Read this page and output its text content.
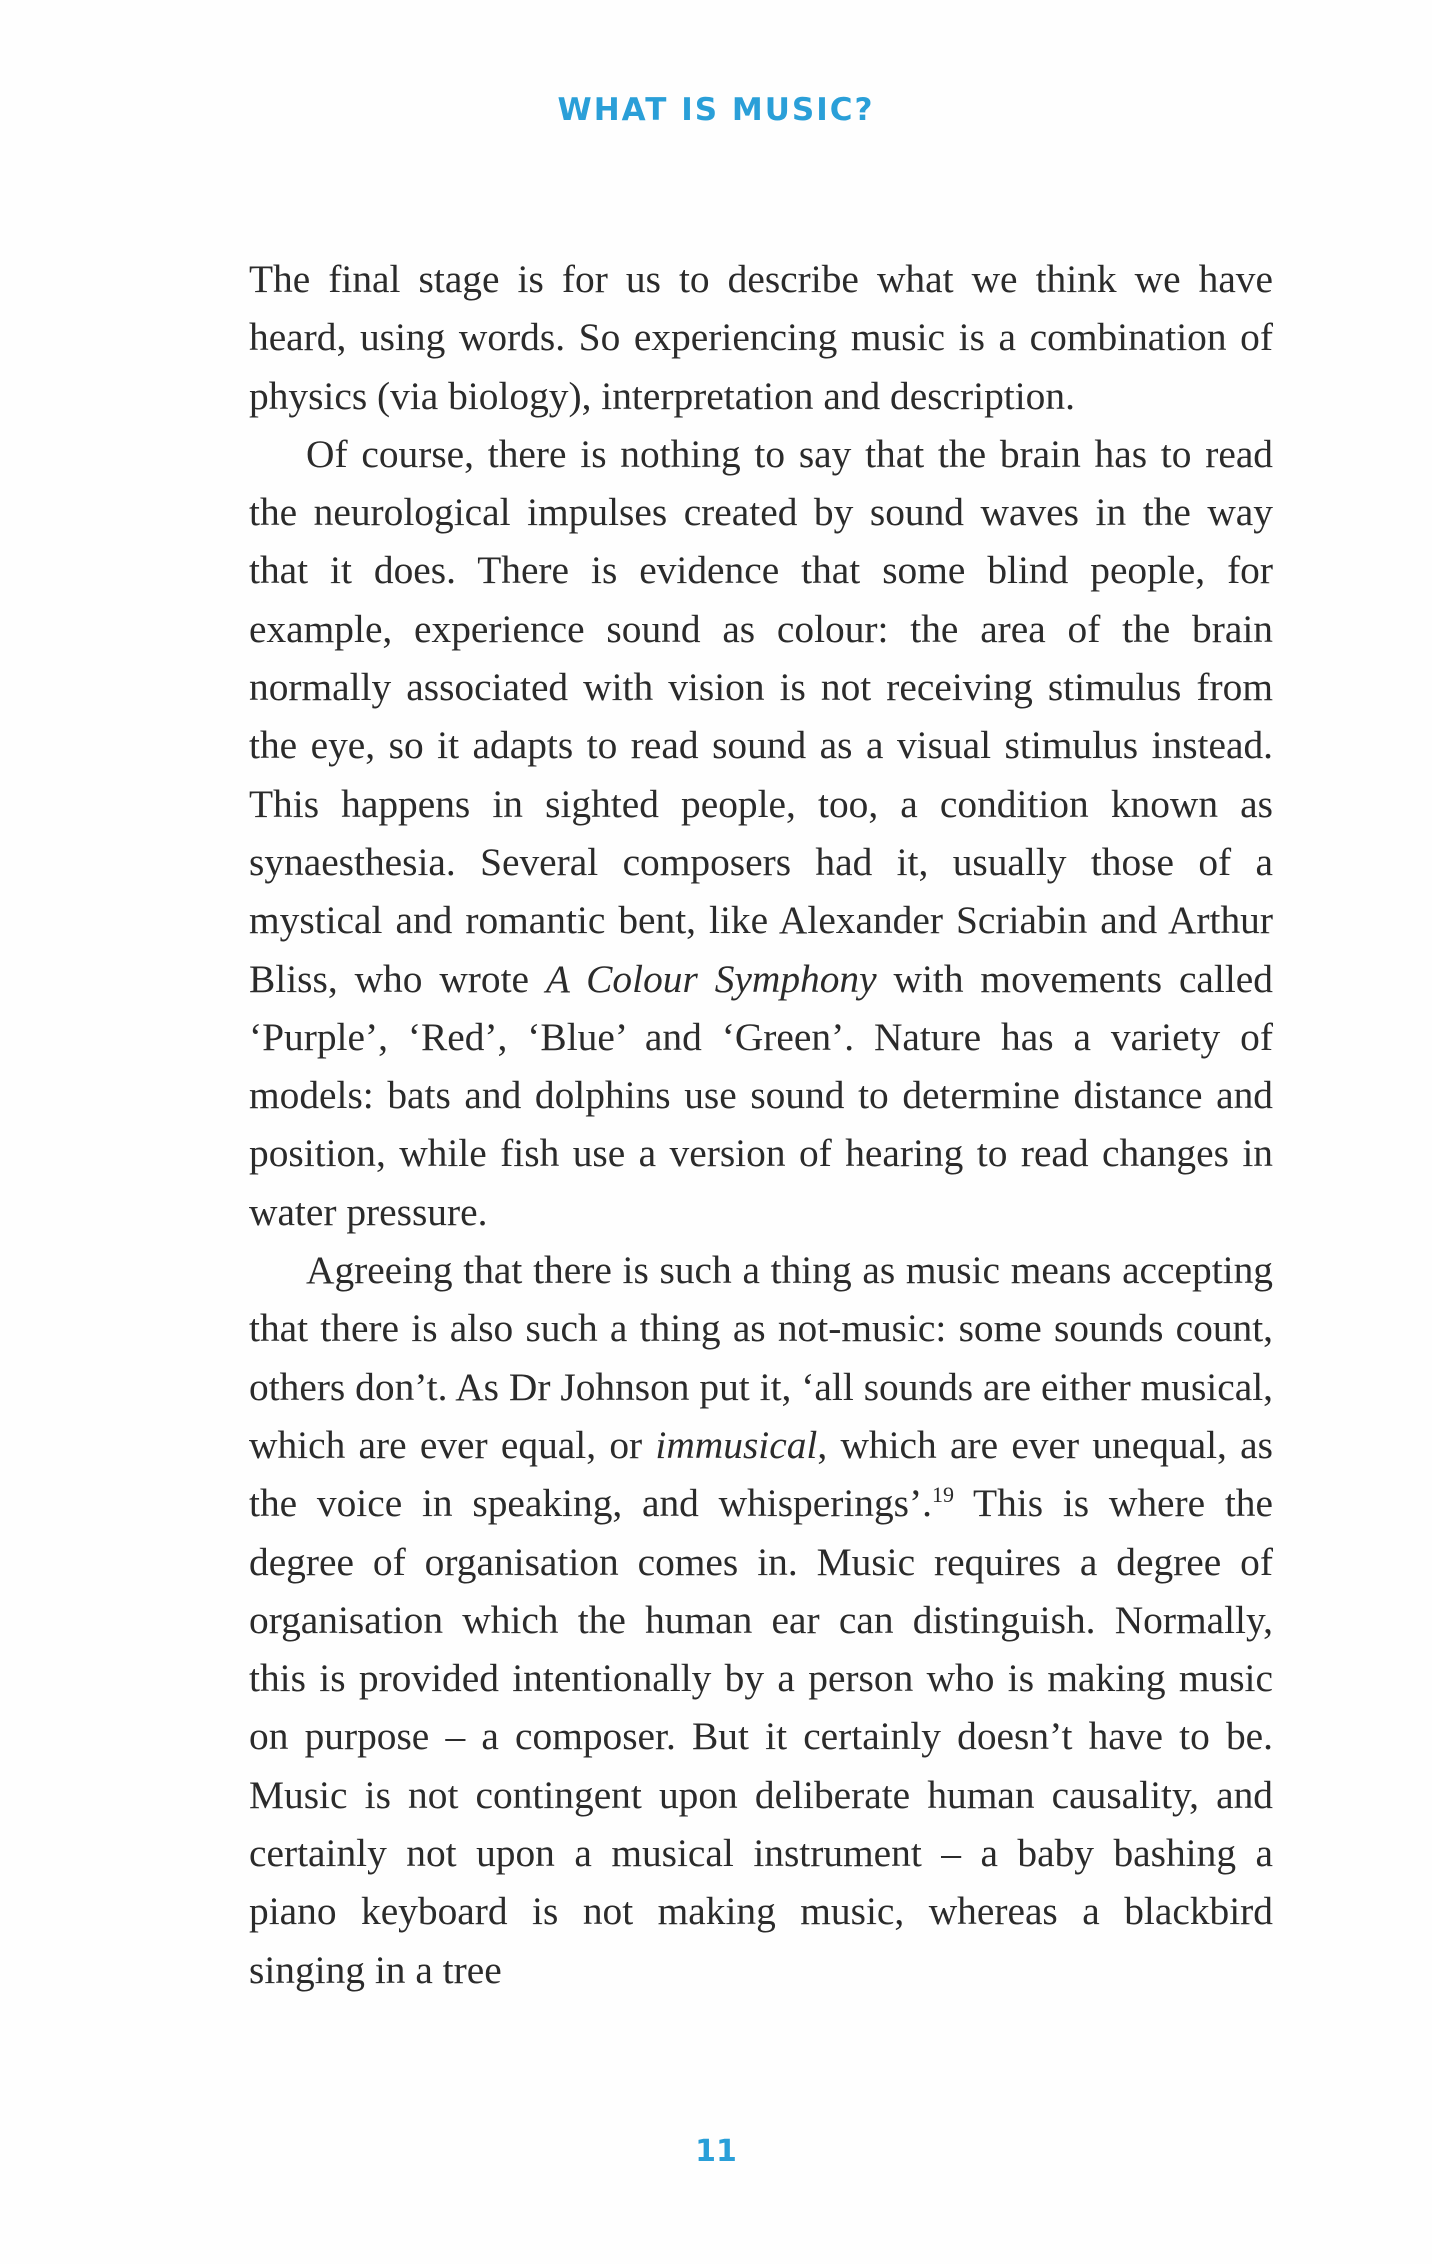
WHAT IS MUSIC?

The final stage is for us to describe what we think we have heard, using words. So experiencing music is a combination of physics (via biology), interpretation and description.

Of course, there is nothing to say that the brain has to read the neurological impulses created by sound waves in the way that it does. There is evidence that some blind people, for example, experience sound as colour: the area of the brain normally associated with vision is not receiving stimulus from the eye, so it adapts to read sound as a visual stimulus instead. This happens in sighted people, too, a condition known as synaesthesia. Several composers had it, usually those of a mystical and romantic bent, like Alexander Scriabin and Arthur Bliss, who wrote A Colour Symphony with movements called ‘Purple’, ‘Red’, ‘Blue’ and ‘Green’. Nature has a variety of models: bats and dolphins use sound to determine distance and position, while fish use a version of hearing to read changes in water pressure.

Agreeing that there is such a thing as music means accepting that there is also such a thing as not-music: some sounds count, others don’t. As Dr Johnson put it, ‘all sounds are either musical, which are ever equal, or immusical, which are ever unequal, as the voice in speaking, and whisperings’.$^{19}$ This is where the degree of organisation comes in. Music requires a degree of organisation which the human ear can distinguish. Normally, this is provided intentionally by a person who is making music on purpose – a composer. But it certainly doesn’t have to be. Music is not contingent upon deliberate human causality, and certainly not upon a musical instrument – a baby bashing a piano keyboard is not making music, whereas a blackbird singing in a tree

11
